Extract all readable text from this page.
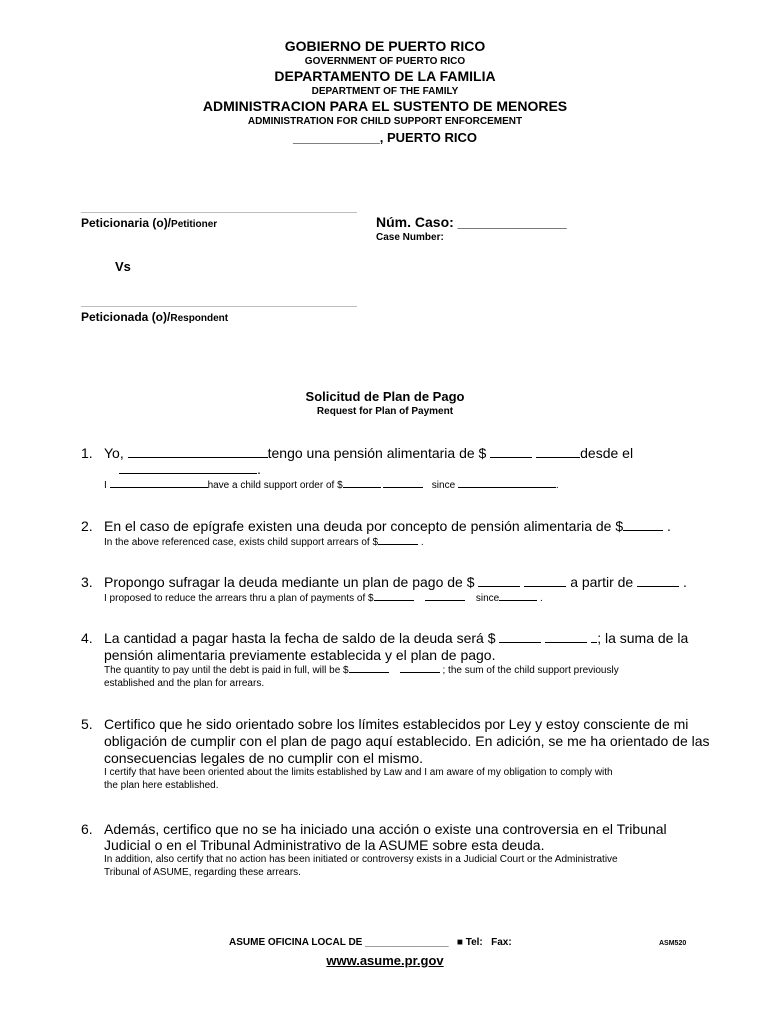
GOBIERNO DE PUERTO RICO
GOVERNMENT OF PUERTO RICO
DEPARTAMENTO DE LA FAMILIA
DEPARTMENT OF THE FAMILY
ADMINISTRACION PARA EL SUSTENTO DE MENORES
ADMINISTRATION FOR CHILD SUPPORT ENFORCEMENT
____________, PUERTO RICO
Peticionaria (o)/Petitioner	Núm. Caso: ______________
Case Number:
Vs
Peticionada (o)/Respondent
Solicitud de Plan de Pago
Request for Plan of Payment
1. Yo,	tengo una pensión alimentaria de $	desde el
.
I	have a child support order of $	since	.
2. En el caso de epígrafe existen una deuda por concepto de pensión alimentaria de $	.
In the above referenced case, exists child support arrears of $	.
3. Propongo sufragar la deuda mediante un plan de pago de $	a partir de	.
I proposed to reduce the arrears thru a plan of payments of $	since	.
4. La cantidad a pagar hasta la fecha de saldo de la deuda será $	; la suma de la
pensión alimentaria previamente establecida y el plan de pago.
The quantity to pay until the debt is paid in full, will be $	; the sum of the child support previously
established and the plan for arrears.
5. Certifico que he sido orientado sobre los límites establecidos por Ley y estoy consciente de mi
obligación de cumplir con el plan de pago aquí establecido. En adición, se me ha orientado de las
consecuencias legales de no cumplir con el mismo.
I certify that have been oriented about the limits established by Law and I am aware of my obligation to comply with
the plan here established.
6. Además, certifico que no se ha iniciado una acción o existe una controversia en el Tribunal
Judicial o en el Tribunal Administrativo de la ASUME sobre esta deuda.
In addition, also certify that no action has been initiated or controversy exists in a Judicial Court or the Administrative
Tribunal of ASUME, regarding these arrears.
ASUME OFICINA LOCAL DE _______________ ■ Tel: Fax:	ASM520
www.asume.pr.gov
